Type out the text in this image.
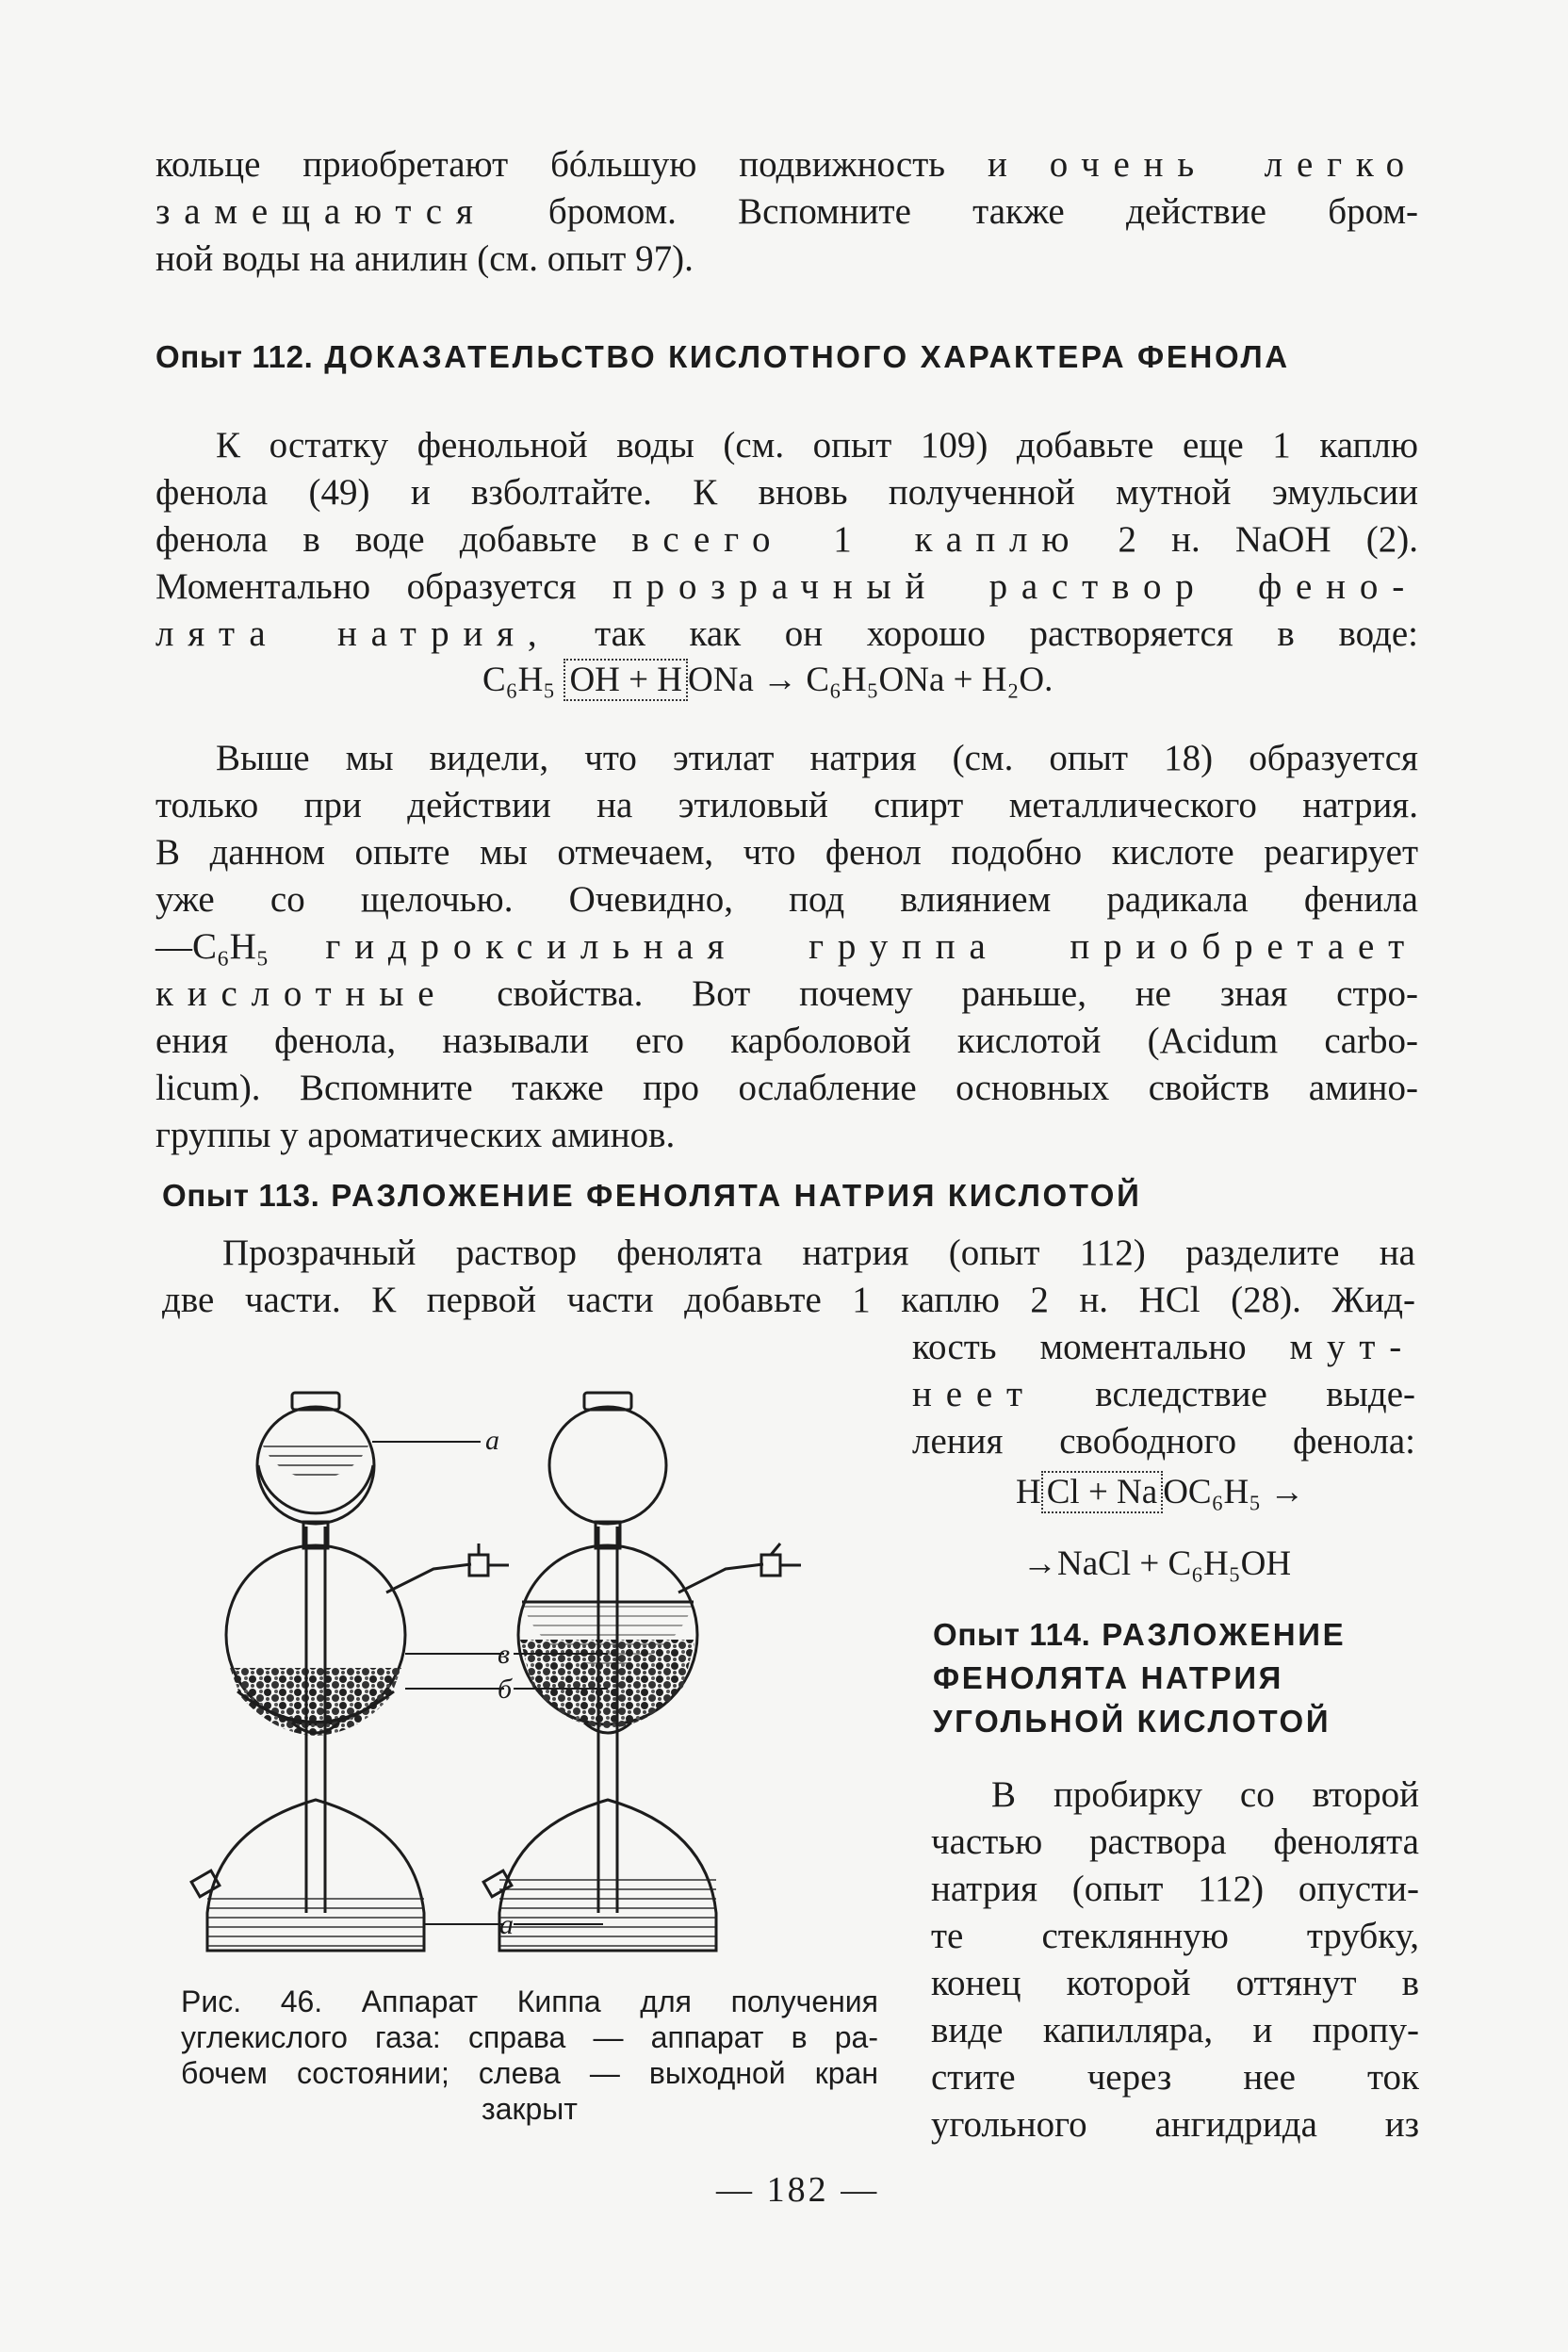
кольце приобретают бóльшую подвижность и очень легко
замещаются бромом. Вспомните также действие бром-
ной воды на анилин (см. опыт 97).
Опыт 112. ДОКАЗАТЕЛЬСТВО КИСЛОТНОГО ХАРАКТЕРА ФЕНОЛА
К остатку фенольной воды (см. опыт 109) добавьте еще 1 каплю
фенола (49) и взболтайте. К вновь полученной мутной эмульсии
фенола в воде добавьте всего 1 каплю 2 н. NaOH (2).
Моментально образуется прозрачный раствор фено-
лята натрия, так как он хорошо растворяется в воде:
C₆H₅ OH + H ONa → C₆H₅ONa + H₂O.
Выше мы видели, что этилат натрия (см. опыт 18) образуется
только при действии на этиловый спирт металлического натрия.
В данном опыте мы отмечаем, что фенол подобно кислоте реагирует
уже со щелочью. Очевидно, под влиянием радикала фенила
—C₆H₅ гидроксильная группа приобретает
кислотные свойства. Вот почему раньше, не зная стро-
ения фенола, называли его карболовой кислотой (Acidum carbo-
licum). Вспомните также про ослабление основных свойств амино-
группы у ароматических аминов.
Опыт 113. РАЗЛОЖЕНИЕ ФЕНОЛЯТА НАТРИЯ КИСЛОТОЙ
Прозрачный раствор фенолята натрия (опыт 112) разделите на
две части. К первой части добавьте 1 каплю 2 н. HCl (28). Жид-
кость моментально мут-
неет вследствие выде-
ления свободного фенола:
H Cl + Na OC₆H₅ →
→NaCl + C₆H₅OH
Опыт 114. РАЗЛОЖЕНИЕ
ФЕНОЛЯТА НАТРИЯ
УГОЛЬНОЙ КИСЛОТОЙ
В пробирку со второй
частью раствора фенолята
натрия (опыт 112) опусти-
те стеклянную трубку,
конец которой оттянут в
виде капилляра, и пропу-
стите через нее ток
угольного ангидрида из
а
в
б
а
Рис. 46. Аппарат Киппа для получения
углекислого газа: справа — аппарат в ра-
бочем состоянии; слева — выходной кран
закрыт
— 182 —
